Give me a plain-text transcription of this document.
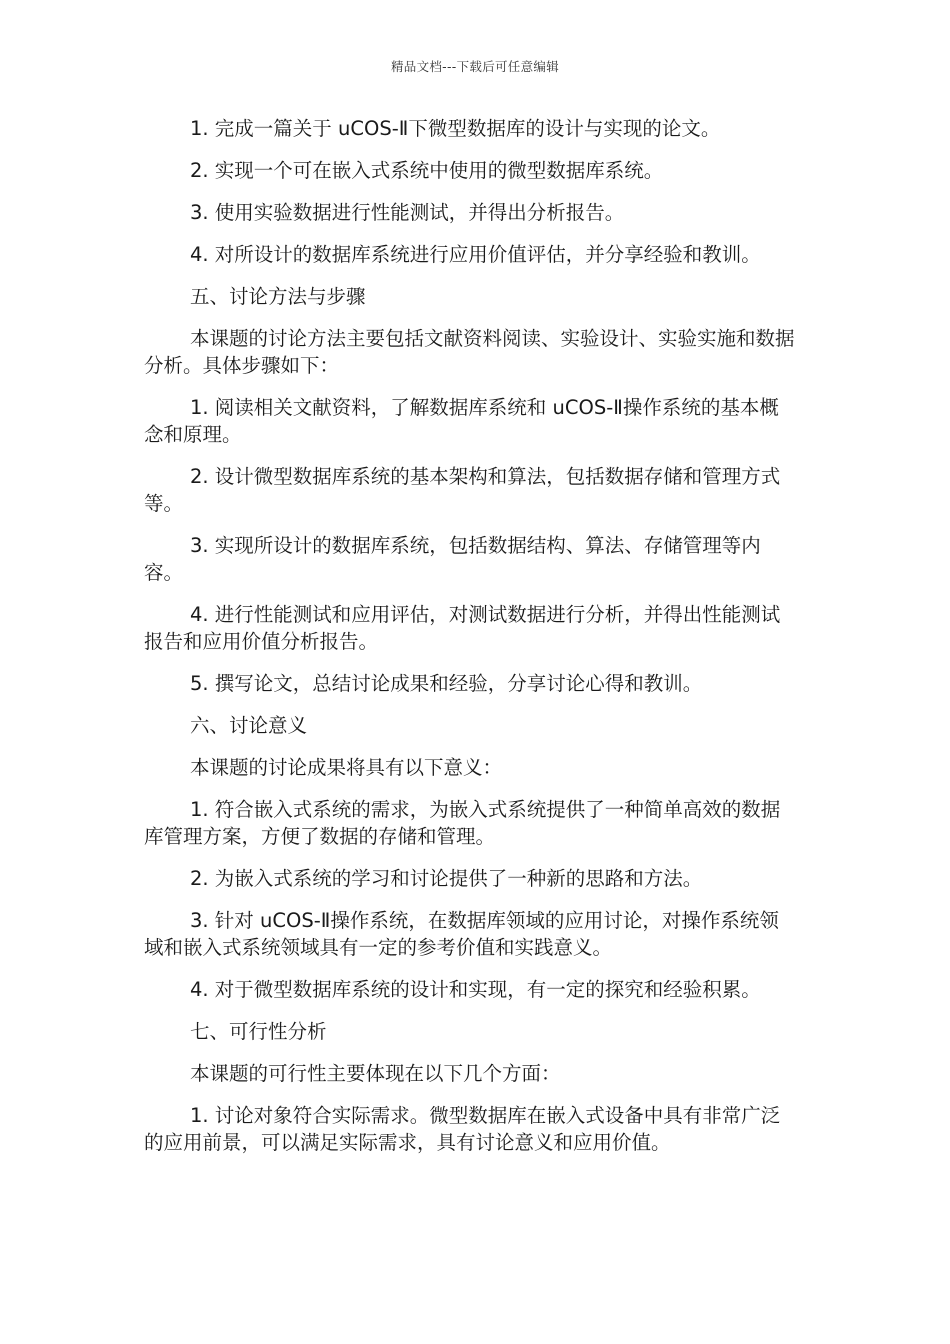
精品文档---下载后可任意编辑

1. 完成一篇关于 uCOS-Ⅱ下微型数据库的设计与实现的论文。

2. 实现一个可在嵌入式系统中使用的微型数据库系统。

3. 使用实验数据进行性能测试，并得出分析报告。

4. 对所设计的数据库系统进行应用价值评估，并分享经验和教训。

五、讨论方法与步骤

本课题的讨论方法主要包括文献资料阅读、实验设计、实验实施和数据分析。具体步骤如下：

1. 阅读相关文献资料，了解数据库系统和 uCOS-Ⅱ操作系统的基本概念和原理。

2. 设计微型数据库系统的基本架构和算法，包括数据存储和管理方式等。

3. 实现所设计的数据库系统，包括数据结构、算法、存储管理等内容。

4. 进行性能测试和应用评估，对测试数据进行分析，并得出性能测试报告和应用价值分析报告。

5. 撰写论文，总结讨论成果和经验，分享讨论心得和教训。

六、讨论意义

本课题的讨论成果将具有以下意义：

1. 符合嵌入式系统的需求，为嵌入式系统提供了一种简单高效的数据库管理方案，方便了数据的存储和管理。

2. 为嵌入式系统的学习和讨论提供了一种新的思路和方法。

3. 针对 uCOS-Ⅱ操作系统，在数据库领域的应用讨论，对操作系统领域和嵌入式系统领域具有一定的参考价值和实践意义。

4. 对于微型数据库系统的设计和实现，有一定的探究和经验积累。

七、可行性分析

本课题的可行性主要体现在以下几个方面：

1. 讨论对象符合实际需求。微型数据库在嵌入式设备中具有非常广泛的应用前景，可以满足实际需求，具有讨论意义和应用价值。
